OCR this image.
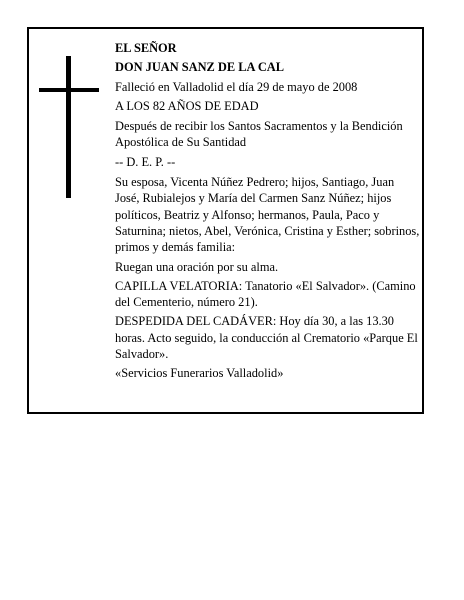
EL SEÑOR
DON JUAN SANZ DE LA CAL
Falleció en Valladolid el día 29 de mayo de 2008
A LOS 82 AÑOS DE EDAD
Después de recibir los Santos Sacramentos y la Bendición Apostólica de Su Santidad
-- D. E. P. --
Su esposa, Vicenta Núñez Pedrero; hijos, Santiago, Juan José, Rubialejos y María del Carmen Sanz Núñez; hijos políticos, Beatriz y Alfonso; hermanos, Paula, Paco y Saturnina; nietos, Abel, Verónica, Cristina y Esther; sobrinos, primos y demás familia:
Ruegan una oración por su alma.
CAPILLA VELATORIA: Tanatorio «El Salvador». (Camino del Cementerio, número 21).
DESPEDIDA DEL CADÁVER: Hoy día 30, a las 13.30 horas. Acto seguido, la conducción al Crematorio «Parque El Salvador».
«Servicios Funerarios Valladolid»
